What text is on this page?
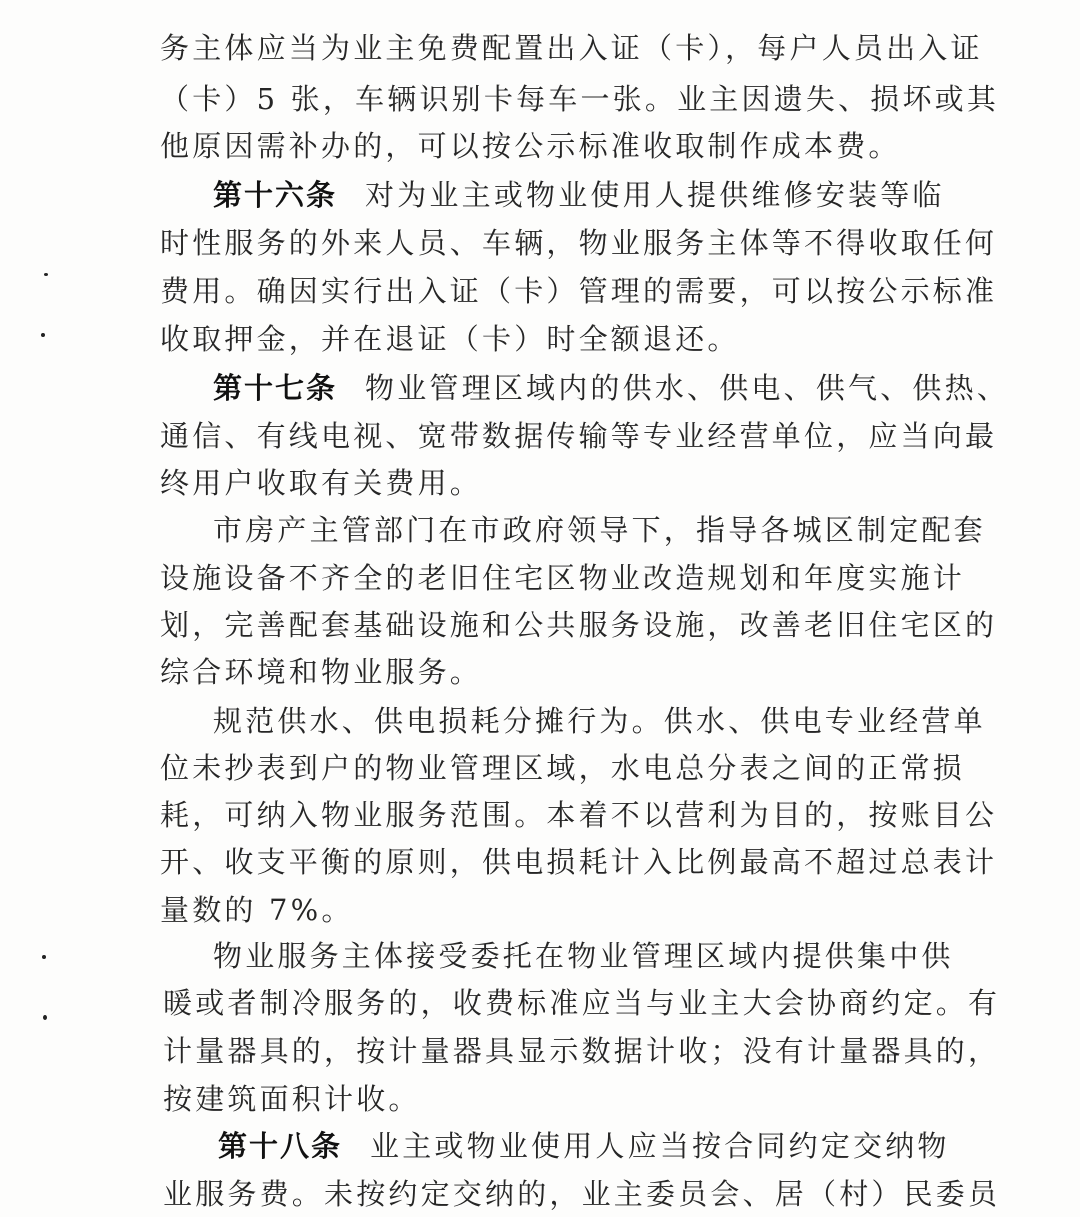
务主体应当为业主免费配置出入证（卡），每户人员出入证
（卡）5 张，车辆识别卡每车一张。业主因遗失、损坏或其
他原因需补办的，可以按公示标准收取制作成本费。
第十六条 对为业主或物业使用人提供维修安装等临
时性服务的外来人员、车辆，物业服务主体等不得收取任何
费用。确因实行出入证（卡）管理的需要，可以按公示标准
收取押金，并在退证（卡）时全额退还。
第十七条 物业管理区域内的供水、供电、供气、供热、
通信、有线电视、宽带数据传输等专业经营单位，应当向最
终用户收取有关费用。
市房产主管部门在市政府领导下，指导各城区制定配套
设施设备不齐全的老旧住宅区物业改造规划和年度实施计
划，完善配套基础设施和公共服务设施，改善老旧住宅区的
综合环境和物业服务。
规范供水、供电损耗分摊行为。供水、供电专业经营单
位未抄表到户的物业管理区域，水电总分表之间的正常损
耗，可纳入物业服务范围。本着不以营利为目的，按账目公
开、收支平衡的原则，供电损耗计入比例最高不超过总表计
量数的 7%。
物业服务主体接受委托在物业管理区域内提供集中供
暖或者制冷服务的，收费标准应当与业主大会协商约定。有
计量器具的，按计量器具显示数据计收；没有计量器具的，
按建筑面积计收。
第十八条 业主或物业使用人应当按合同约定交纳物
业服务费。未按约定交纳的，业主委员会、居（村）民委员
